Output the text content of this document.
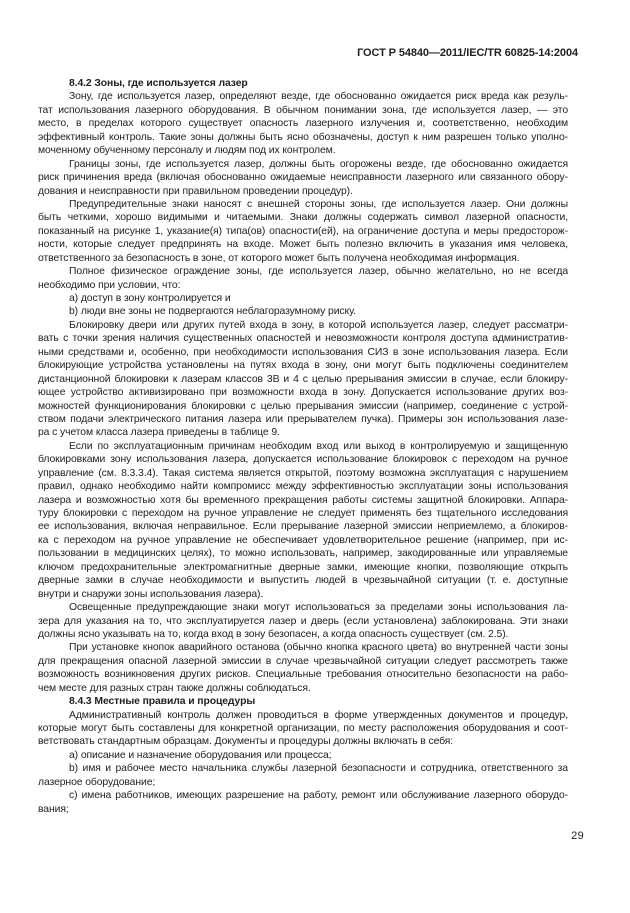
ГОСТ Р 54840—2011/IEC/TR 60825-14:2004
8.4.2 Зоны, где используется лазер
Зону, где используется лазер, определяют везде, где обоснованно ожидается риск вреда как резуль-
тат использования лазерного оборудования. В обычном понимании зона, где используется лазер, — это
место, в пределах которого существует опасность лазерного излучения и, соответственно, необходим
эффективный контроль. Такие зоны должны быть ясно обозначены, доступ к ним разрешен только уполно-
моченному обученному персоналу и людям под их контролем.
Границы зоны, где используется лазер, должны быть огорожены везде, где обоснованно ожидается
риск причинения вреда (включая обоснованно ожидаемые неисправности лазерного или связанного обору-
дования и неисправности при правильном проведении процедур).
Предупредительные знаки наносят с внешней стороны зоны, где используется лазер. Они должны
быть четкими, хорошо видимыми и читаемыми. Знаки должны содержать символ лазерной опасности,
показанный на рисунке 1, указание(я) типа(ов) опасности(ей), на ограничение доступа и меры предосторож-
ности, которые следует предпринять на входе. Может быть полезно включить в указания имя человека,
ответственного за безопасность в зоне, от которого может быть получена необходимая информация.
Полное физическое ограждение зоны, где используется лазер, обычно желательно, но не всегда
необходимо при условии, что:
a) доступ в зону контролируется и
b) люди вне зоны не подвергаются неблагоразумному риску.
Блокировку двери или других путей входа в зону, в которой используется лазер, следует рассматри-
вать с точки зрения наличия существенных опасностей и невозможности контроля доступа административ-
ными средствами и, особенно, при необходимости использования СИЗ в зоне использования лазера. Если
блокирующие устройства установлены на путях входа в зону, они могут быть подключены соединителем
дистанционной блокировки к лазерам классов 3В и 4 с целью прерывания эмиссии в случае, если блокиру-
ющее устройство активизировано при возможности входа в зону. Допускается использование других воз-
можностей функционирования блокировки с целью прерывания эмиссии (например, соединение с устрой-
ством подачи электрического питания лазера или прерывателем пучка). Примеры зон использования лазе-
ра с учетом класса лазера приведены в таблице 9.
Если по эксплуатационным причинам необходим вход или выход в контролируемую и защищенную
блокировками зону использования лазера, допускается использование блокировок с переходом на ручное
управление (см. 8.3.3.4). Такая система является открытой, поэтому возможна эксплуатация с нарушением
правил, однако необходимо найти компромисс между эффективностью эксплуатации зоны использования
лазера и возможностью хотя бы временного прекращения работы системы защитной блокировки. Аппара-
туру блокировки с переходом на ручное управление не следует применять без тщательного исследования
ее использования, включая неправильное. Если прерывание лазерной эмиссии неприемлемо, а блокиров-
ка с переходом на ручное управление не обеспечивает удовлетворительное решение (например, при ис-
пользовании в медицинских целях), то можно использовать, например, закодированные или управляемые
ключом предохранительные электромагнитные дверные замки, имеющие кнопки, позволяющие открыть
дверные замки в случае необходимости и выпустить людей в чрезвычайной ситуации (т. е. доступные
внутри и снаружи зоны использования лазера).
Освещенные предупреждающие знаки могут использоваться за пределами зоны использования ла-
зера для указания на то, что эксплуатируется лазер и дверь (если установлена) заблокирована. Эти знаки
должны ясно указывать на то, когда вход в зону безопасен, а когда опасность существует (см. 2.5).
При установке кнопок аварийного останова (обычно кнопка красного цвета) во внутренней части зоны
для прекращения опасной лазерной эмиссии в случае чрезвычайной ситуации следует рассмотреть также
возможность возникновения других рисков. Специальные требования относительно безопасности на рабо-
чем месте для разных стран также должны соблюдаться.
8.4.3 Местные правила и процедуры
Административный контроль должен проводиться в форме утвержденных документов и процедур,
которые могут быть составлены для конкретной организации, по месту расположения оборудования и соот-
ветствовать стандартным образцам. Документы и процедуры должны включать в себя:
a) описание и назначение оборудования или процесса;
b) имя и рабочее место начальника службы лазерной безопасности и сотрудника, ответственного за
лазерное оборудование;
c) имена работников, имеющих разрешение на работу, ремонт или обслуживание лазерного оборудо-
вания;
29
